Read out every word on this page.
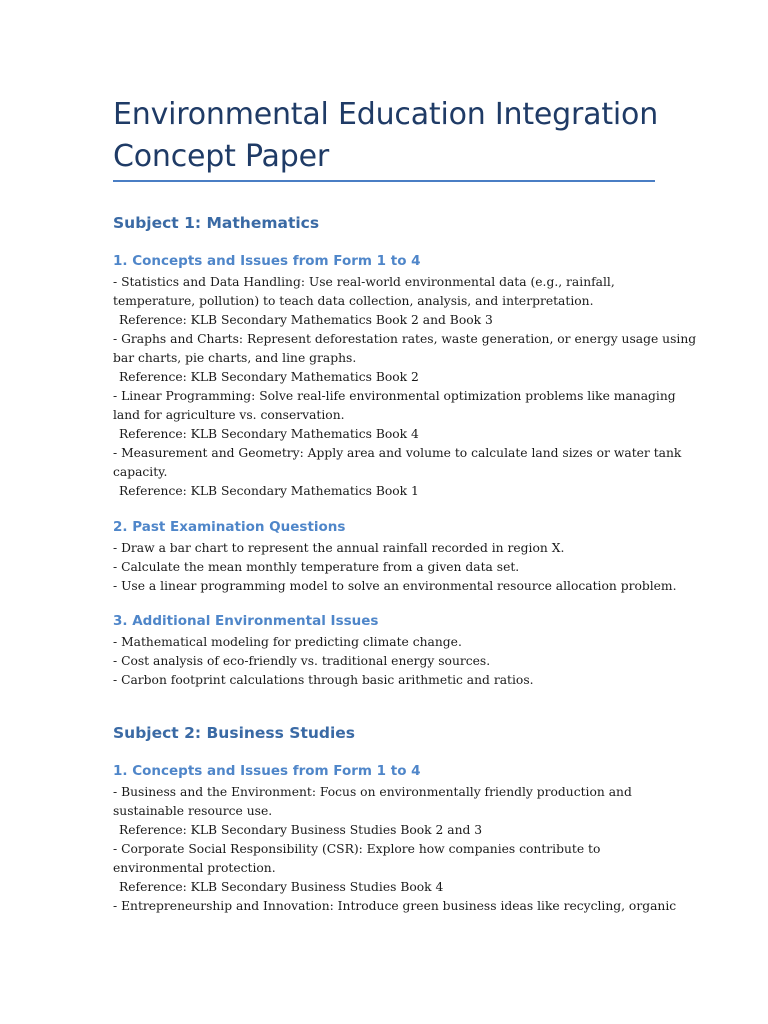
Environmental Education Integration
Concept Paper
Subject 1: Mathematics
1. Concepts and Issues from Form 1 to 4
- Statistics and Data Handling: Use real-world environmental data (e.g., rainfall,
temperature, pollution) to teach data collection, analysis, and interpretation.
Reference: KLB Secondary Mathematics Book 2 and Book 3
- Graphs and Charts: Represent deforestation rates, waste generation, or energy usage using
bar charts, pie charts, and line graphs.
Reference: KLB Secondary Mathematics Book 2
- Linear Programming: Solve real-life environmental optimization problems like managing
land for agriculture vs. conservation.
Reference: KLB Secondary Mathematics Book 4
- Measurement and Geometry: Apply area and volume to calculate land sizes or water tank
capacity.
Reference: KLB Secondary Mathematics Book 1
2. Past Examination Questions
- Draw a bar chart to represent the annual rainfall recorded in region X.
- Calculate the mean monthly temperature from a given data set.
- Use a linear programming model to solve an environmental resource allocation problem.
3. Additional Environmental Issues
- Mathematical modeling for predicting climate change.
- Cost analysis of eco-friendly vs. traditional energy sources.
- Carbon footprint calculations through basic arithmetic and ratios.
Subject 2: Business Studies
1. Concepts and Issues from Form 1 to 4
- Business and the Environment: Focus on environmentally friendly production and
sustainable resource use.
Reference: KLB Secondary Business Studies Book 2 and 3
- Corporate Social Responsibility (CSR): Explore how companies contribute to
environmental protection.
Reference: KLB Secondary Business Studies Book 4
- Entrepreneurship and Innovation: Introduce green business ideas like recycling, organic
